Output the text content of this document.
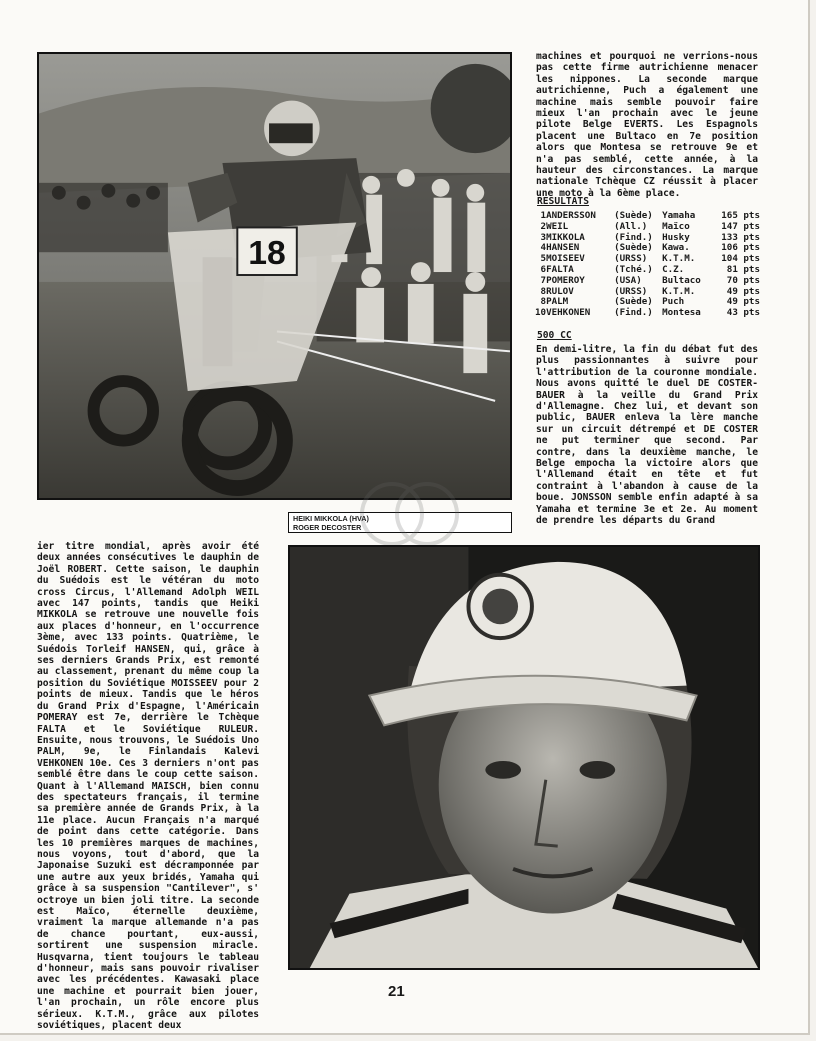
18
HEIKI MIKKOLA (HVA)
ROGER DECOSTER
machines et pourquoi ne verrions-nous pas cette firme autrichienne menacer les nippones. La seconde marque autrichienne, Puch a également une machine mais semble pouvoir faire mieux l'an prochain avec le jeune pilote Belge EVERTS. Les Espagnols placent une Bultaco en 7e position alors que Montesa se retrouve 9e et n'a pas semblé, cette année, à la hauteur des circonstances. La marque nationale Tchèque CZ réussit à placer une moto à la 6ème place.
RESULTATS
1	ANDERSSON	(Suède)	Yamaha	165 pts
2	WEIL	(All.)	Maïco	147 pts
3	MIKKOLA	(Find.)	Husky	133 pts
4	HANSEN	(Suède)	Kawa.	106 pts
5	MOISEEV	(URSS)	K.T.M.	104 pts
6	FALTA	(Tché.)	C.Z.	81 pts
7	POMEROY	(USA)	Bultaco	70 pts
8	RULOV	(URSS)	K.T.M.	49 pts
8	PALM	(Suède)	Puch	49 pts
10	VEHKONEN	(Find.)	Montesa	43 pts
500 CC
En demi-litre, la fin du débat fut des plus passionnantes à suivre pour l'attribution de la couronne mondiale. Nous avons quitté le duel DE COSTER-BAUER à la veille du Grand Prix d'Allemagne. Chez lui, et devant son public, BAUER enleva la lère manche sur un circuit détrempé et DE COSTER ne put terminer que second. Par contre, dans la deuxième manche, le Belge empocha la victoire alors que l'Allemand était en tête et fut contraint à l'abandon à cause de la boue. JONSSON semble enfin adapté à sa Yamaha et termine 3e et 2e. Au moment de prendre les départs du Grand
ier titre mondial, après avoir été deux années consécutives le dauphin de Joël ROBERT. Cette saison, le dauphin du Suédois est le vétéran du moto cross Circus, l'Allemand Adolph WEIL avec 147 points, tandis que Heiki MIKKOLA se retrouve une nouvelle fois aux places d'honneur, en l'occurrence 3ème, avec 133 points. Quatrième, le Suédois Torleif HANSEN, qui, grâce à ses derniers Grands Prix, est remonté au classement, prenant du même coup la position du Soviétique MOISSEEV pour 2 points de mieux. Tandis que le héros du Grand Prix d'Espagne, l'Américain POMERAY est 7e, derrière le Tchèque FALTA et le Soviétique RULEUR. Ensuite, nous trouvons, le Suédois Uno PALM, 9e, le Finlandais Kalevi VEHKONEN 10e. Ces 3 derniers n'ont pas semblé être dans le coup cette saison. Quant à l'Allemand MAISCH, bien connu des spectateurs français, il termine sa première année de Grands Prix, à la 11e place. Aucun Français n'a marqué de point dans cette catégorie. Dans les 10 premières marques de machines, nous voyons, tout d'abord, que la Japonaise Suzuki est décramponnée par une autre aux yeux bridés, Yamaha qui grâce à sa suspension "Cantilever", s' octroye un bien joli titre. La seconde est Maïco, éternelle deuxième, vraiment la marque allemande n'a pas de chance pourtant, eux-aussi, sortirent une suspension miracle. Husqvarna, tient toujours le tableau d'honneur, mais sans pouvoir rivaliser avec les précédentes. Kawasaki place une machine et pourrait bien jouer, l'an prochain, un rôle encore plus sérieux. K.T.M., grâce aux pilotes soviétiques, placent deux
21
